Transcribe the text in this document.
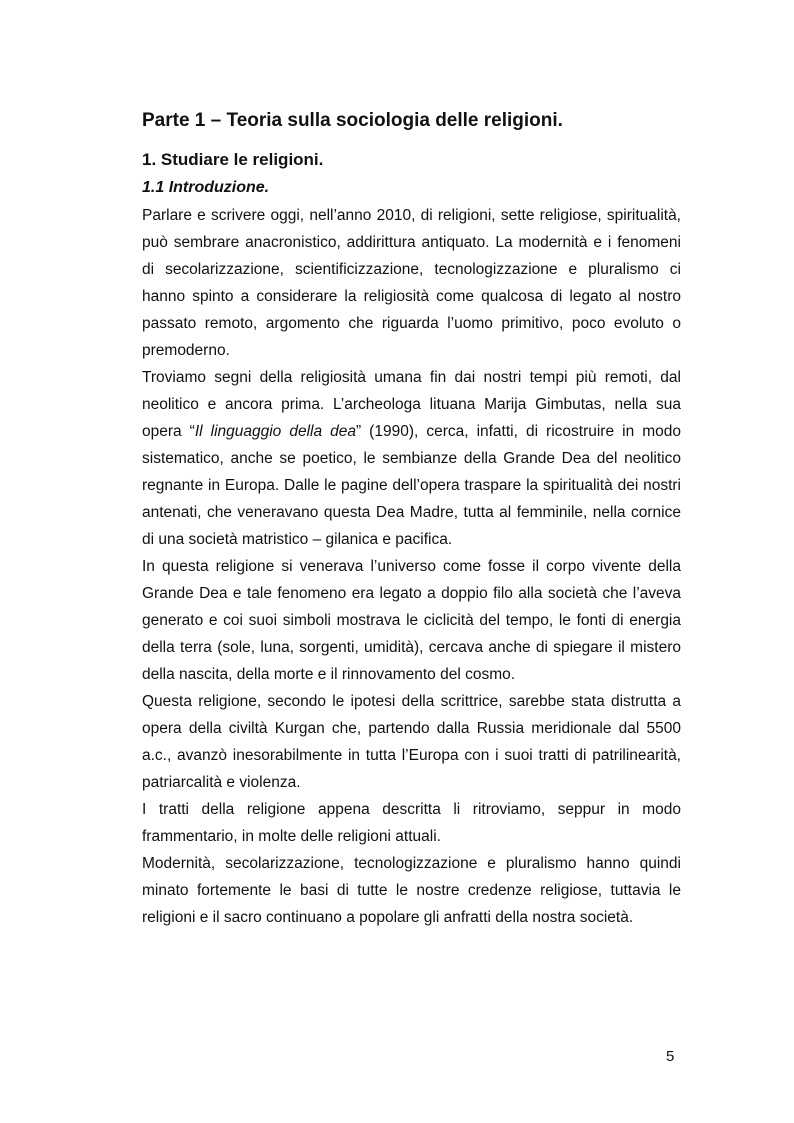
Parte 1 – Teoria sulla sociologia delle religioni.
1. Studiare le religioni.
1.1 Introduzione.

Parlare e scrivere oggi, nell’anno 2010, di religioni, sette religiose, spiritualità, può sembrare anacronistico, addirittura antiquato. La modernità e i fenomeni di secolarizzazione, scientificizzazione, tecnologizzazione e pluralismo ci hanno spinto a considerare la religiosità come qualcosa di legato al nostro passato remoto, argomento che riguarda l’uomo primitivo, poco evoluto o premoderno.

Troviamo segni della religiosità umana fin dai nostri tempi più remoti, dal neolitico e ancora prima. L’archeologa lituana Marija Gimbutas, nella sua opera “Il linguaggio della dea” (1990), cerca, infatti, di ricostruire in modo sistematico, anche se poetico, le sembianze della Grande Dea del neolitico regnante in Europa. Dalle le pagine dell’opera traspare la spiritualità dei nostri antenati, che veneravano questa Dea Madre, tutta al femminile, nella cornice di una società matristico – gilanica e pacifica.

In questa religione si venerava l’universo come fosse il corpo vivente della Grande Dea e tale fenomeno era legato a doppio filo alla società che l’aveva generato e coi suoi simboli mostrava le ciclicità del tempo, le fonti di energia della terra (sole, luna, sorgenti, umidità), cercava anche di spiegare il mistero della nascita, della morte e il rinnovamento del cosmo.

Questa religione, secondo le ipotesi della scrittrice, sarebbe stata distrutta a opera della civiltà Kurgan che, partendo dalla Russia meridionale dal 5500 a.c., avanzò inesorabilmente in tutta l’Europa con i suoi tratti di patrilinearità, patriarcalità e violenza.

I tratti della religione appena descritta li ritroviamo, seppur in modo frammentario, in molte delle religioni attuali.

Modernità, secolarizzazione, tecnologizzazione e pluralismo hanno quindi minato fortemente le basi di tutte le nostre credenze religiose, tuttavia le religioni e il sacro continuano a popolare gli anfratti della nostra società.

5
